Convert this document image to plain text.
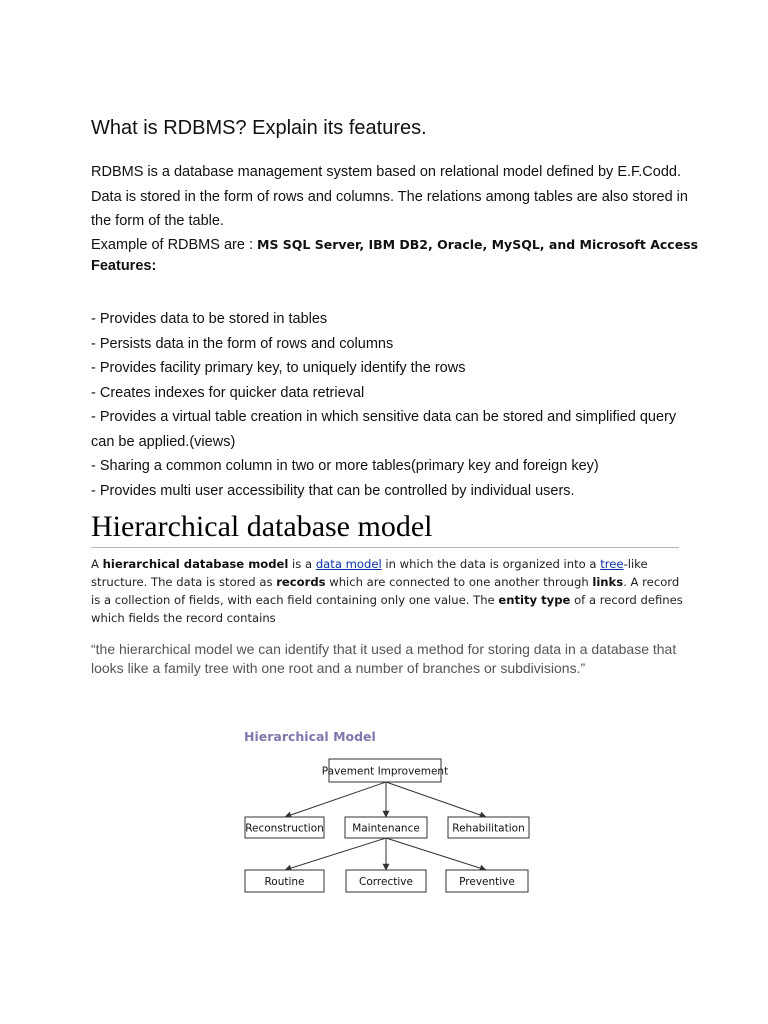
What is RDBMS? Explain its features.

RDBMS is a database management system based on relational model defined by E.F.Codd. Data is stored in the form of rows and columns. The relations among tables are also stored in the form of the table.

Example of RDBMS are : MS SQL Server, IBM DB2, Oracle, MySQL, and Microsoft Access
Features:
- Provides data to be stored in tables
- Persists data in the form of rows and columns
- Provides facility primary key, to uniquely identify the rows
- Creates indexes for quicker data retrieval
- Provides a virtual table creation in which sensitive data can be stored and simplified query can be applied.(views)
- Sharing a common column in two or more tables(primary key and foreign key)
- Provides multi user accessibility that can be controlled by individual users.
Hierarchical database model

A hierarchical database model is a data model in which the data is organized into a tree-like structure. The data is stored as records which are connected to one another through links. A record is a collection of fields, with each field containing only one value. The entity type of a record defines which fields the record contains

“the hierarchical model we can identify that it used a method for storing data in a database that looks like a family tree with one root and a number of branches or subdivisions.”

Hierarchical Model
Pavement Improvement
Reconstruction	Maintenance	Rehabilitation
Routine	Corrective	Preventive
